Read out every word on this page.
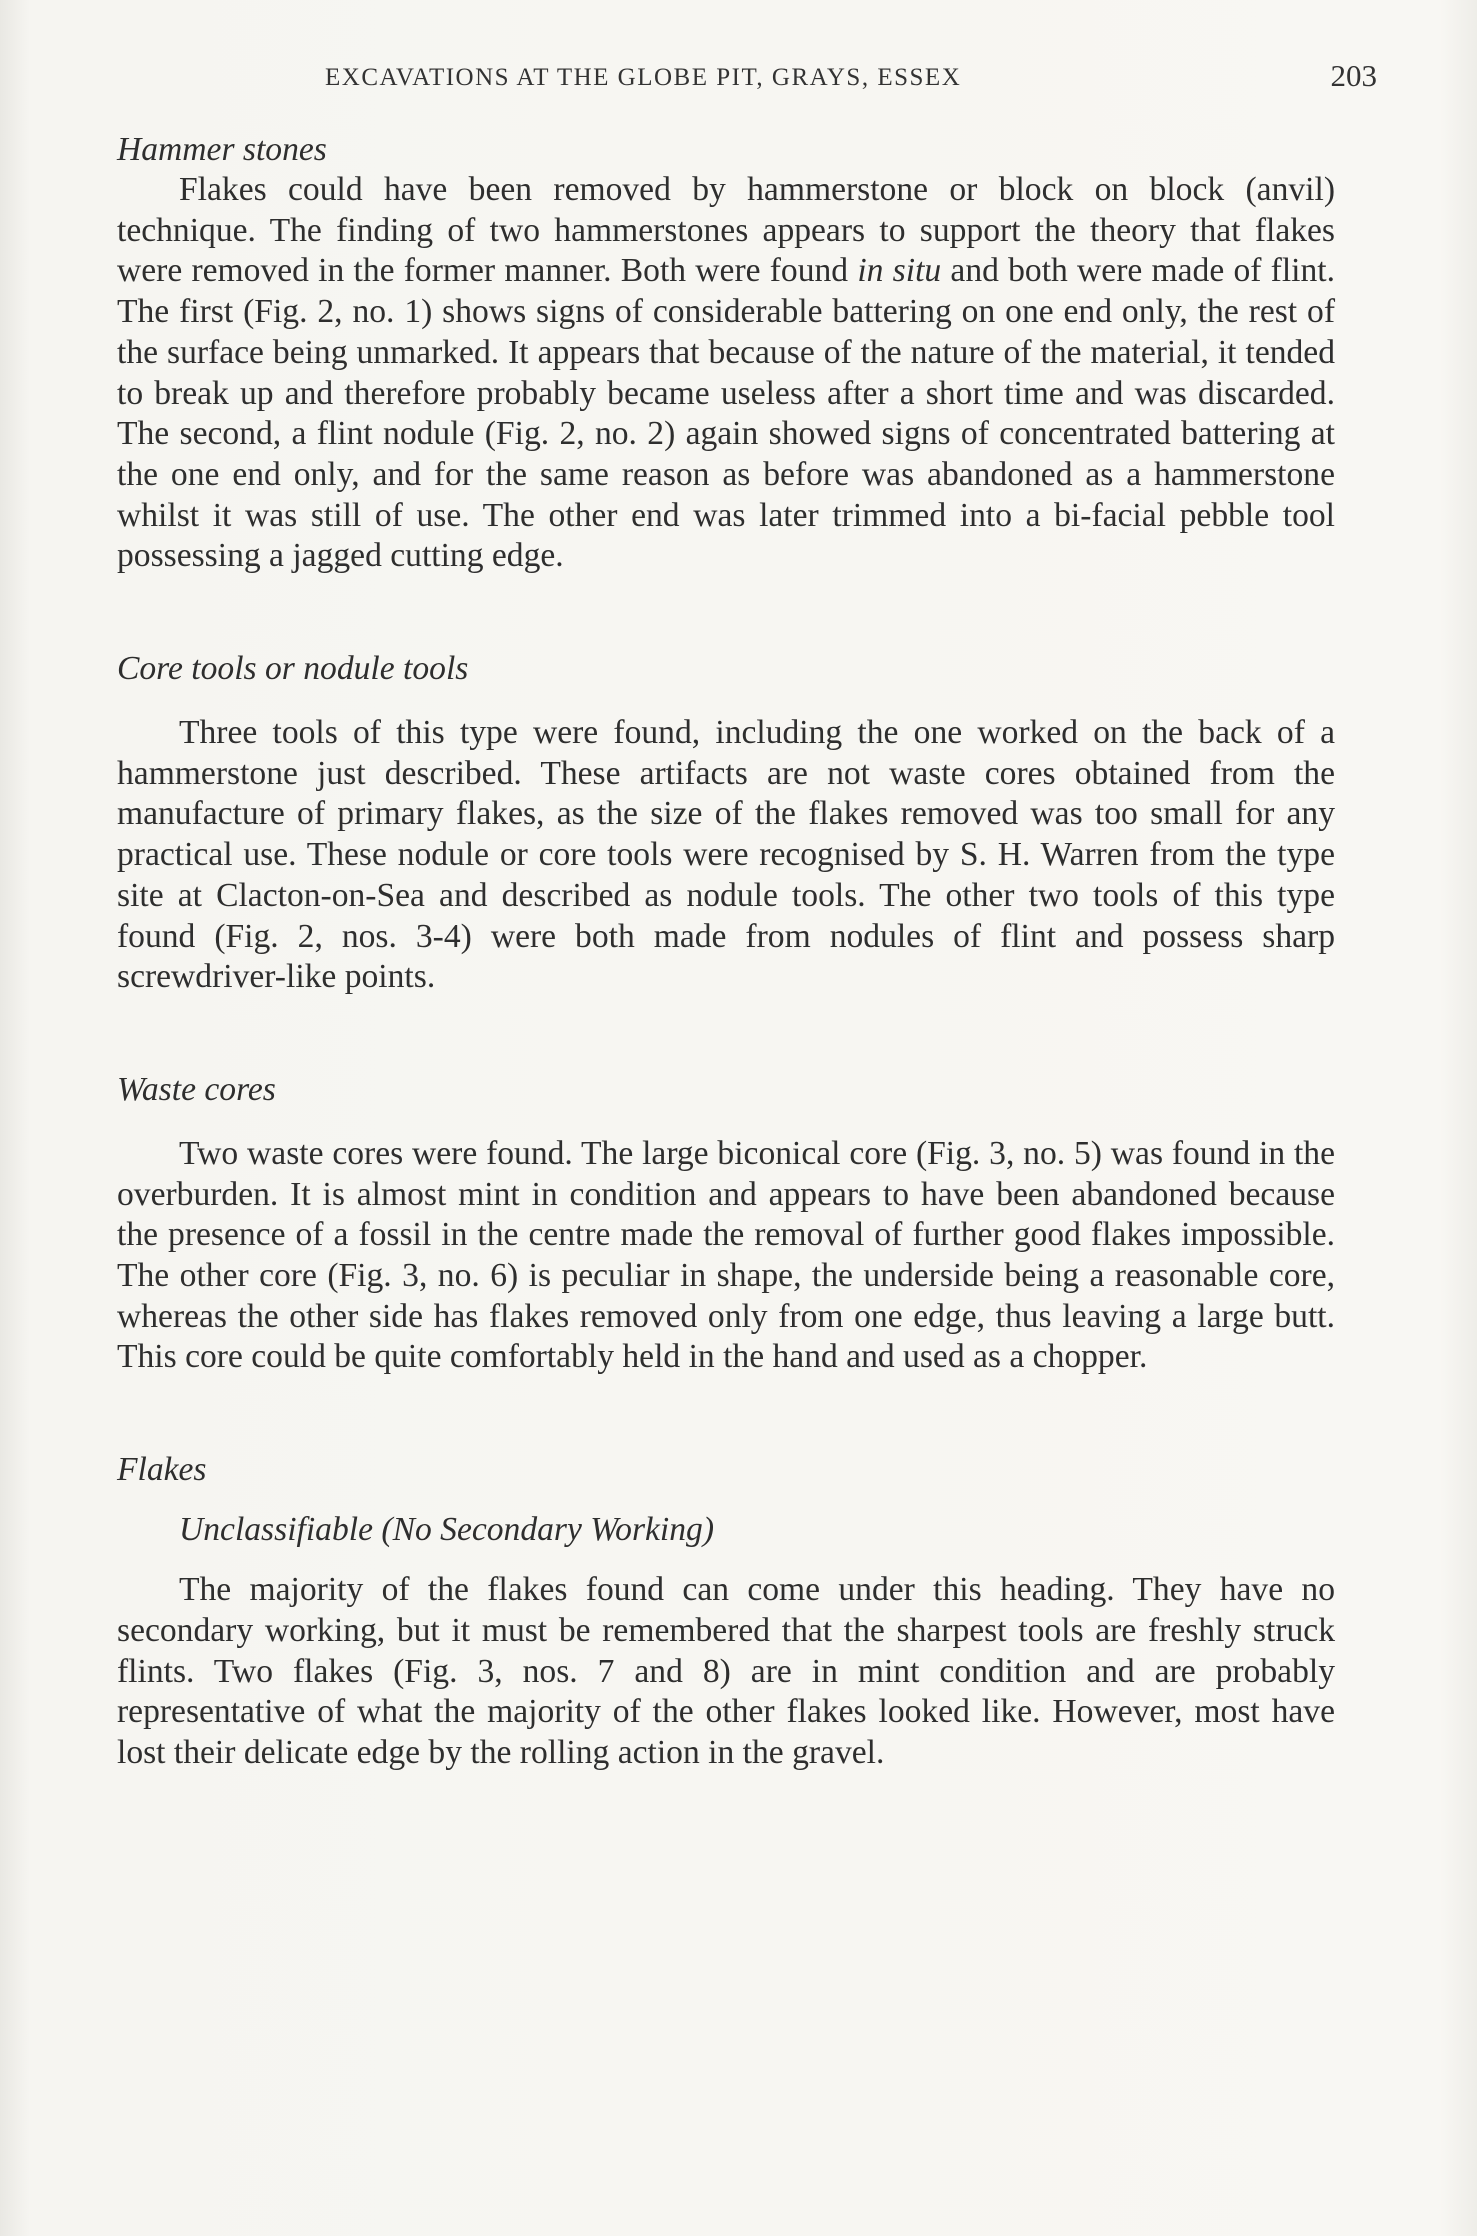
EXCAVATIONS AT THE GLOBE PIT, GRAYS, ESSEX	203
Hammer stones

Flakes could have been removed by hammerstone or block on block (anvil) technique. The finding of two hammerstones appears to support the theory that flakes were removed in the former manner. Both were found in situ and both were made of flint. The first (Fig. 2, no. 1) shows signs of considerable battering on one end only, the rest of the surface being unmarked. It appears that because of the nature of the material, it tended to break up and therefore probably became useless after a short time and was discarded. The second, a flint nodule (Fig. 2, no. 2) again showed signs of concentrated battering at the one end only, and for the same reason as before was abandoned as a hammerstone whilst it was still of use. The other end was later trimmed into a bi-facial pebble tool possessing a jagged cutting edge.

Core tools or nodule tools

Three tools of this type were found, including the one worked on the back of a hammerstone just described. These artifacts are not waste cores obtained from the manufacture of primary flakes, as the size of the flakes removed was too small for any practical use. These nodule or core tools were recognised by S. H. Warren from the type site at Clacton-on-Sea and described as nodule tools. The other two tools of this type found (Fig. 2, nos. 3-4) were both made from nodules of flint and possess sharp screwdriver-like points.

Waste cores

Two waste cores were found. The large biconical core (Fig. 3, no. 5) was found in the overburden. It is almost mint in condition and appears to have been abandoned because the presence of a fossil in the centre made the removal of further good flakes impossible. The other core (Fig. 3, no. 6) is peculiar in shape, the underside being a reasonable core, whereas the other side has flakes removed only from one edge, thus leaving a large butt. This core could be quite comfortably held in the hand and used as a chopper.

Flakes
Unclassifiable (No Secondary Working)

The majority of the flakes found can come under this heading. They have no secondary working, but it must be remembered that the sharpest tools are freshly struck flints. Two flakes (Fig. 3, nos. 7 and 8) are in mint condition and are probably representative of what the majority of the other flakes looked like. However, most have lost their delicate edge by the rolling action in the gravel.
